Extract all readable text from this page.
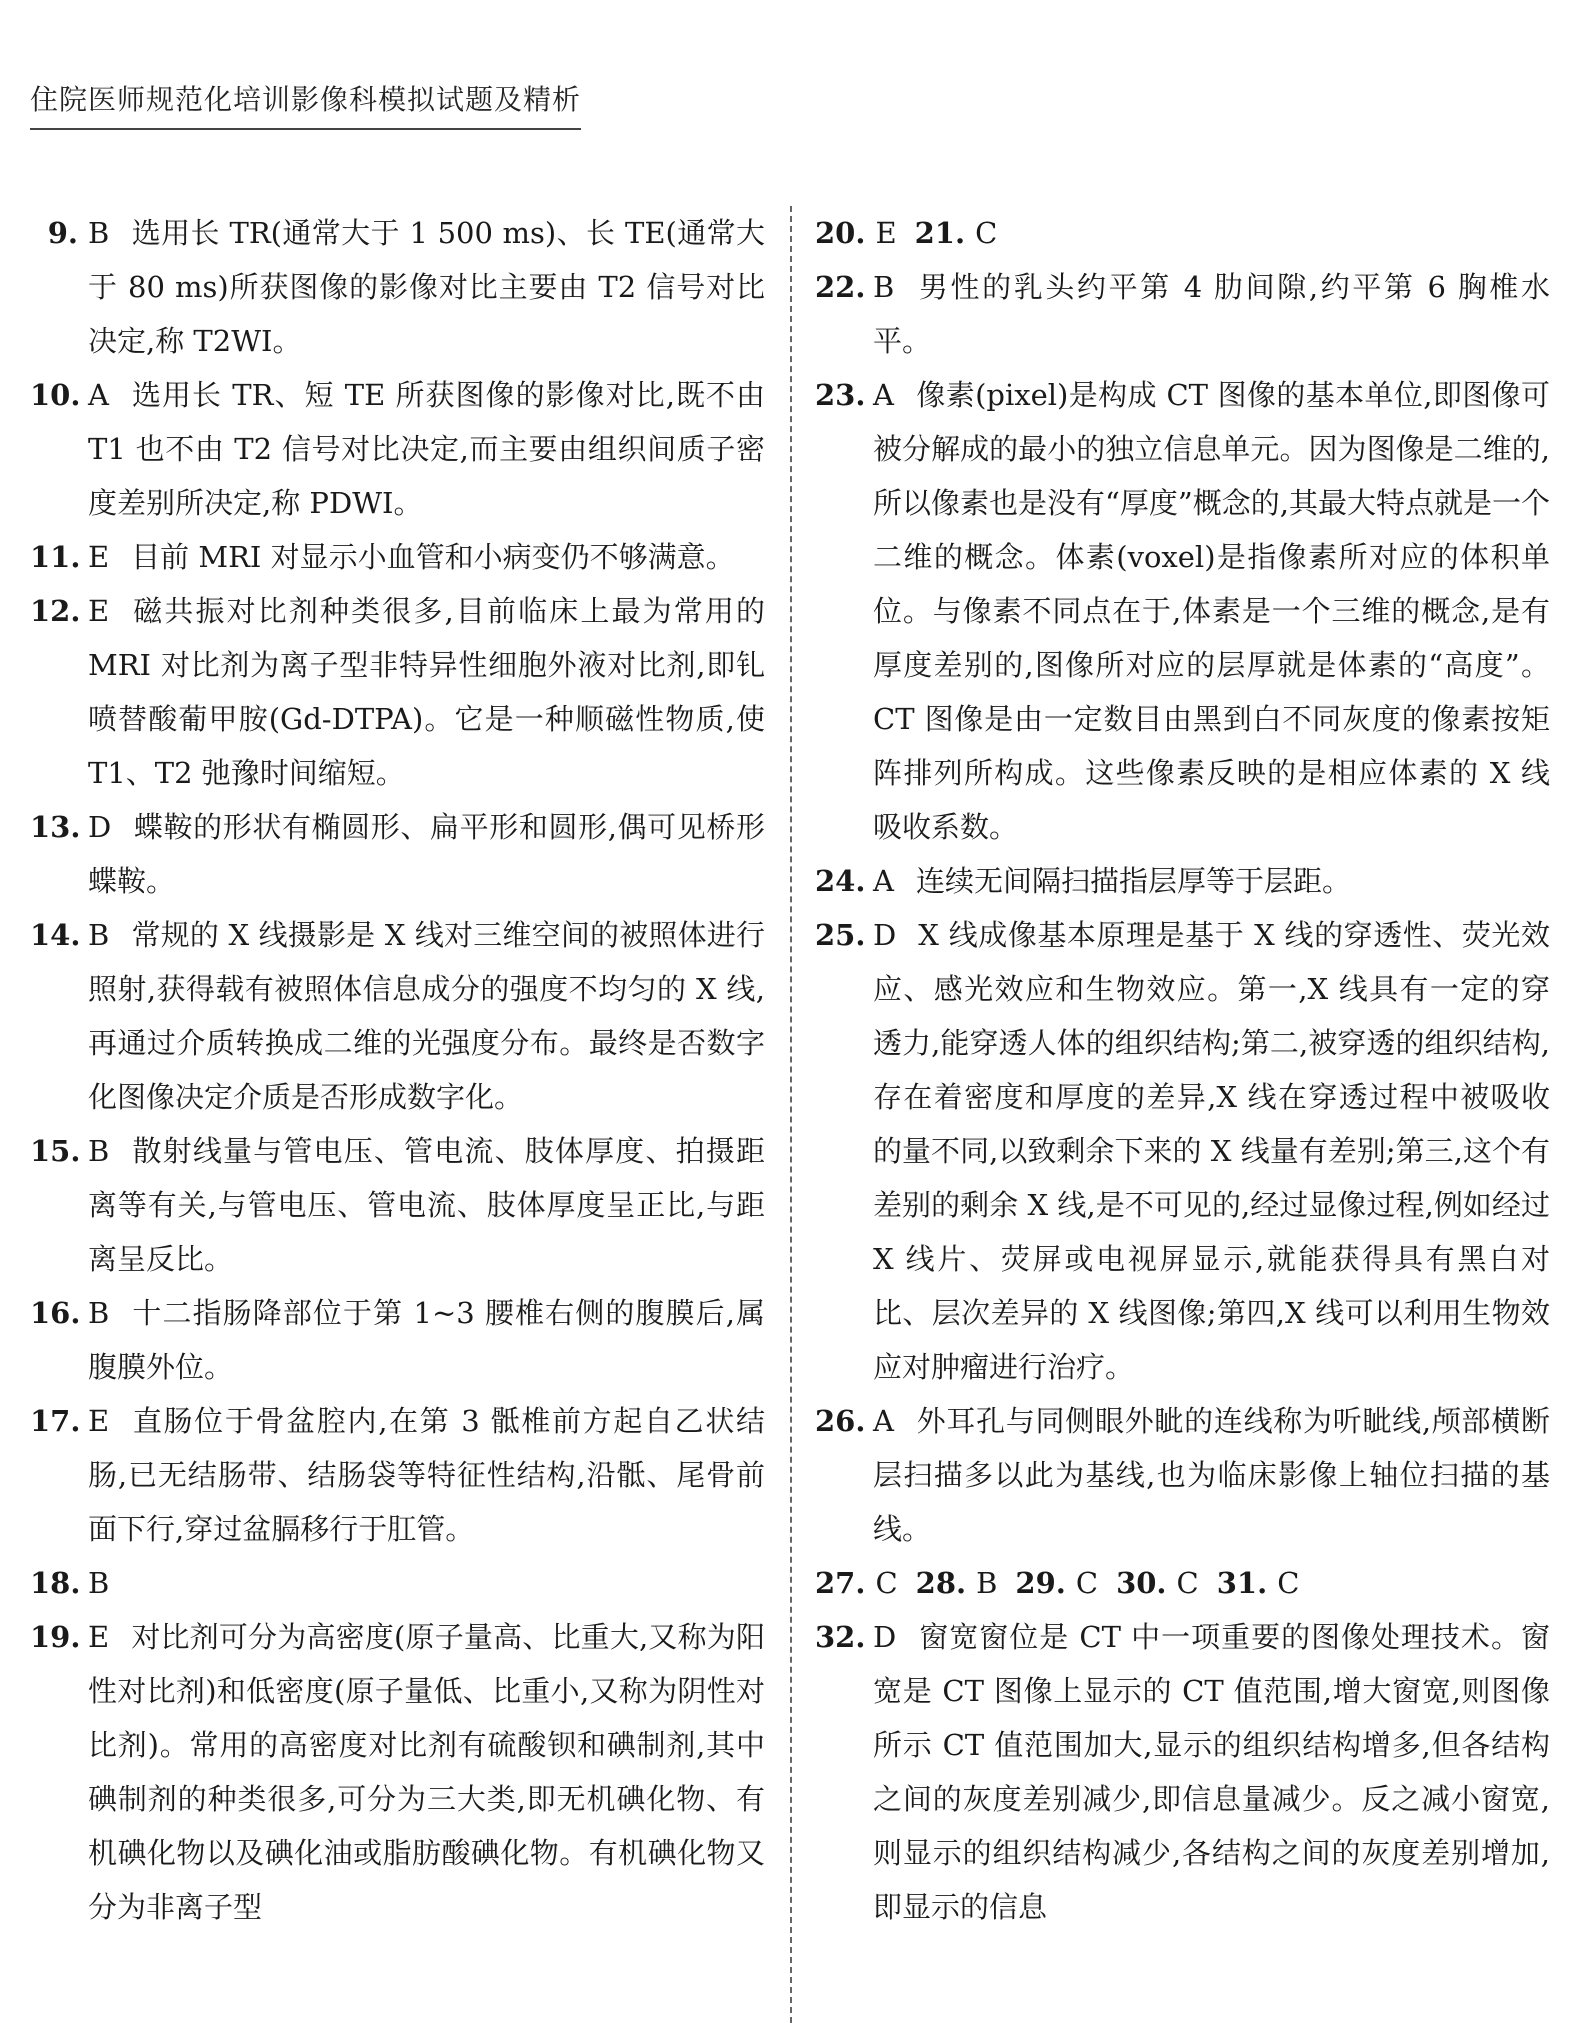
住院医师规范化培训影像科模拟试题及精析
9. B 选用长 TR(通常大于 1 500 ms)、长 TE(通常大于 80 ms)所获图像的影像对比主要由 T2 信号对比决定,称 T2WI。
10. A 选用长 TR、短 TE 所获图像的影像对比,既不由 T1 也不由 T2 信号对比决定,而主要由组织间质子密度差别所决定,称 PDWI。
11. E 目前 MRI 对显示小血管和小病变仍不够满意。
12. E 磁共振对比剂种类很多,目前临床上最为常用的 MRI 对比剂为离子型非特异性细胞外液对比剂,即钆喷替酸葡甲胺(Gd-DTPA)。它是一种顺磁性物质,使 T1、T2 弛豫时间缩短。
13. D 蝶鞍的形状有椭圆形、扁平形和圆形,偶可见桥形蝶鞍。
14. B 常规的 X 线摄影是 X 线对三维空间的被照体进行照射,获得载有被照体信息成分的强度不均匀的 X 线,再通过介质转换成二维的光强度分布。最终是否数字化图像决定介质是否形成数字化。
15. B 散射线量与管电压、管电流、肢体厚度、拍摄距离等有关,与管电压、管电流、肢体厚度呈正比,与距离呈反比。
16. B 十二指肠降部位于第 1~3 腰椎右侧的腹膜后,属腹膜外位。
17. E 直肠位于骨盆腔内,在第 3 骶椎前方起自乙状结肠,已无结肠带、结肠袋等特征性结构,沿骶、尾骨前面下行,穿过盆膈移行于肛管。
18. B
19. E 对比剂可分为高密度(原子量高、比重大,又称为阳性对比剂)和低密度(原子量低、比重小,又称为阴性对比剂)。常用的高密度对比剂有硫酸钡和碘制剂,其中碘制剂的种类很多,可分为三大类,即无机碘化物、有机碘化物以及碘化油或脂肪酸碘化物。有机碘化物又分为非离子型
20. E 21. C
22. B 男性的乳头约平第 4 肋间隙,约平第 6 胸椎水平。
23. A 像素(pixel)是构成 CT 图像的基本单位,即图像可被分解成的最小的独立信息单元。因为图像是二维的,所以像素也是没有“厚度”概念的,其最大特点就是一个二维的概念。体素(voxel)是指像素所对应的体积单位。与像素不同点在于,体素是一个三维的概念,是有厚度差别的,图像所对应的层厚就是体素的“高度”。CT 图像是由一定数目由黑到白不同灰度的像素按矩阵排列所构成。这些像素反映的是相应体素的 X 线吸收系数。
24. A 连续无间隔扫描指层厚等于层距。
25. D X 线成像基本原理是基于 X 线的穿透性、荧光效应、感光效应和生物效应。第一,X 线具有一定的穿透力,能穿透人体的组织结构;第二,被穿透的组织结构,存在着密度和厚度的差异,X 线在穿透过程中被吸收的量不同,以致剩余下来的 X 线量有差别;第三,这个有差别的剩余 X 线,是不可见的,经过显像过程,例如经过 X 线片、荧屏或电视屏显示,就能获得具有黑白对比、层次差异的 X 线图像;第四,X 线可以利用生物效应对肿瘤进行治疗。
26. A 外耳孔与同侧眼外眦的连线称为听眦线,颅部横断层扫描多以此为基线,也为临床影像上轴位扫描的基线。
27. C 28. B 29. C 30. C 31. C
32. D 窗宽窗位是 CT 中一项重要的图像处理技术。窗宽是 CT 图像上显示的 CT 值范围,增大窗宽,则图像所示 CT 值范围加大,显示的组织结构增多,但各结构之间的灰度差别减少,即信息量减少。反之减小窗宽,则显示的组织结构减少,各结构之间的灰度差别增加,即显示的信息
